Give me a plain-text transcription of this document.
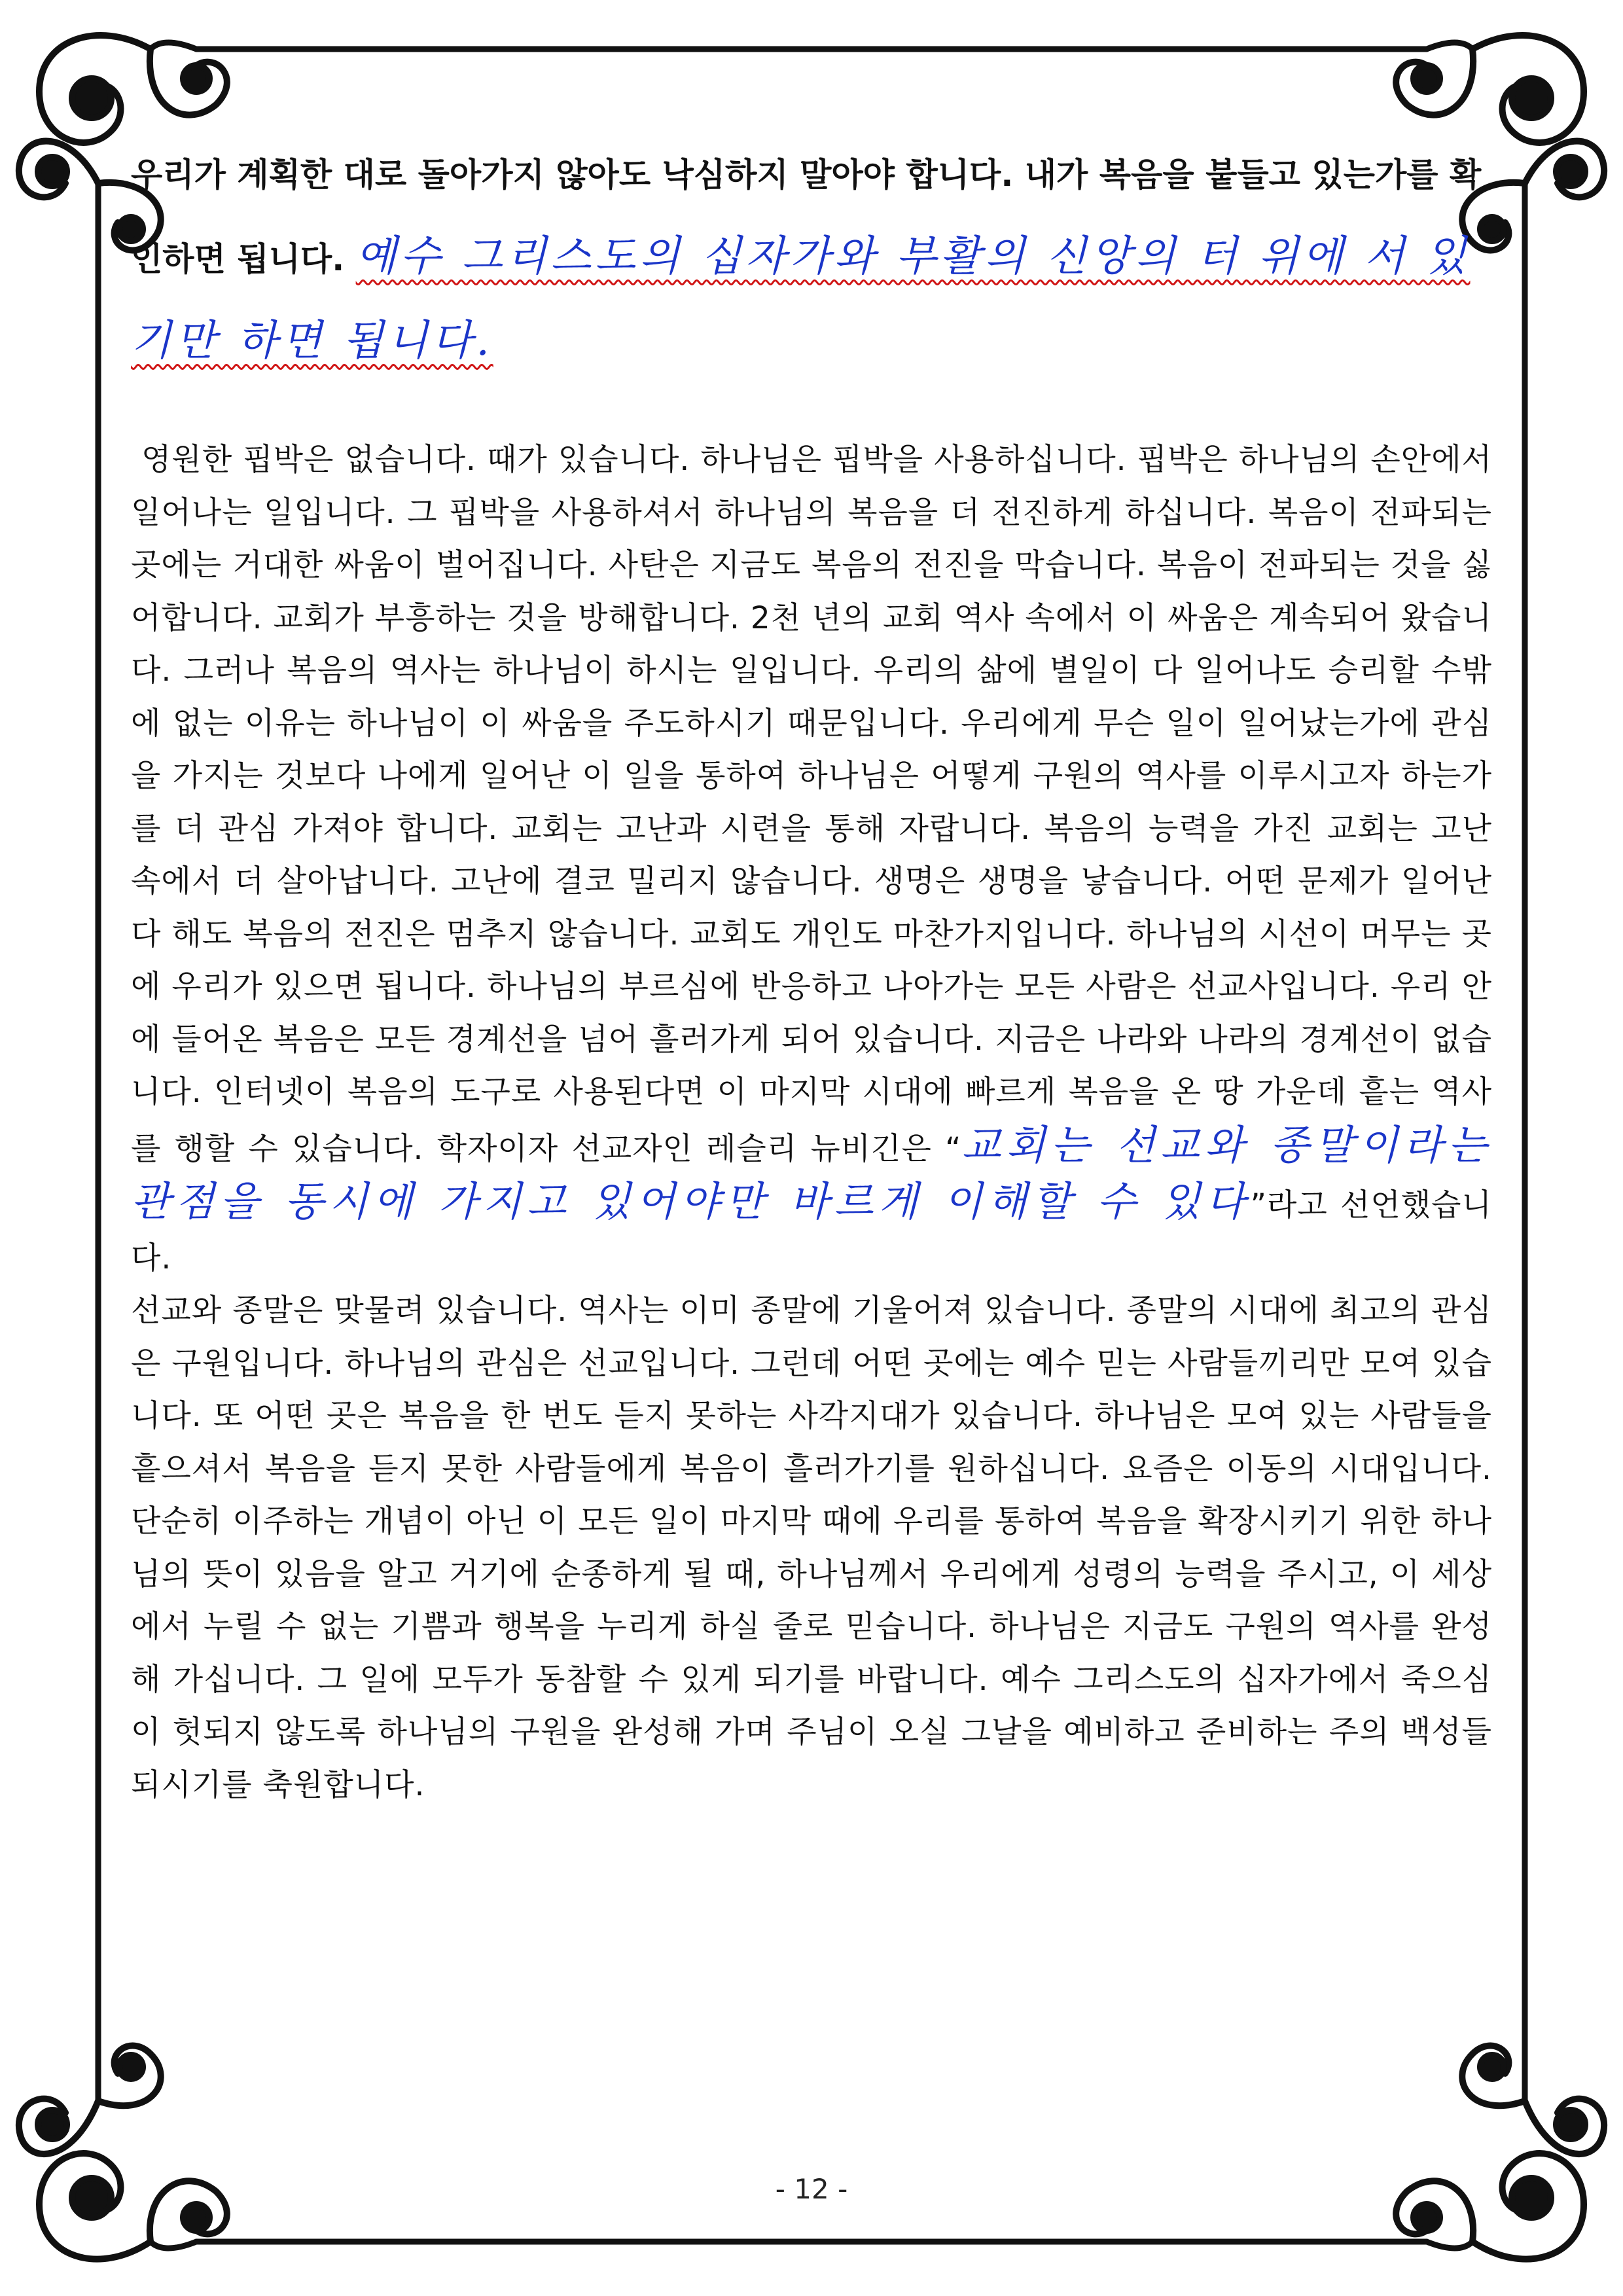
우리가 계획한 대로 돌아가지 않아도 낙심하지 말아야 합니다. 내가 복음을 붙들고 있는가를 확인하면 됩니다. 예수 그리스도의 십자가와 부활의 신앙의 터 위에 서 있기만 하면 됩니다.

영원한 핍박은 없습니다. 때가 있습니다. 하나님은 핍박을 사용하십니다. 핍박은 하나님의 손안에서 일어나는 일입니다. 그 핍박을 사용하셔서 하나님의 복음을 더 전진하게 하십니다. 복음이 전파되는 곳에는 거대한 싸움이 벌어집니다. 사탄은 지금도 복음의 전진을 막습니다. 복음이 전파되는 것을 싫어합니다. 교회가 부흥하는 것을 방해합니다. 2천 년의 교회 역사 속에서 이 싸움은 계속되어 왔습니다. 그러나 복음의 역사는 하나님이 하시는 일입니다. 우리의 삶에 별일이 다 일어나도 승리할 수밖에 없는 이유는 하나님이 이 싸움을 주도하시기 때문입니다. 우리에게 무슨 일이 일어났는가에 관심을 가지는 것보다 나에게 일어난 이 일을 통하여 하나님은 어떻게 구원의 역사를 이루시고자 하는가를 더 관심 가져야 합니다. 교회는 고난과 시련을 통해 자랍니다. 복음의 능력을 가진 교회는 고난 속에서 더 살아납니다. 고난에 결코 밀리지 않습니다. 생명은 생명을 낳습니다. 어떤 문제가 일어난다 해도 복음의 전진은 멈추지 않습니다. 교회도 개인도 마찬가지입니다. 하나님의 시선이 머무는 곳에 우리가 있으면 됩니다. 하나님의 부르심에 반응하고 나아가는 모든 사람은 선교사입니다. 우리 안에 들어온 복음은 모든 경계선을 넘어 흘러가게 되어 있습니다. 지금은 나라와 나라의 경계선이 없습니다. 인터넷이 복음의 도구로 사용된다면 이 마지막 시대에 빠르게 복음을 온 땅 가운데 흩는 역사를 행할 수 있습니다. 학자이자 선교자인 레슬리 뉴비긴은 “교회는 선교와 종말이라는 관점을 동시에 가지고 있어야만 바르게 이해할 수 있다”라고 선언했습니다.

선교와 종말은 맞물려 있습니다. 역사는 이미 종말에 기울어져 있습니다. 종말의 시대에 최고의 관심은 구원입니다. 하나님의 관심은 선교입니다. 그런데 어떤 곳에는 예수 믿는 사람들끼리만 모여 있습니다. 또 어떤 곳은 복음을 한 번도 듣지 못하는 사각지대가 있습니다. 하나님은 모여 있는 사람들을 흩으셔서 복음을 듣지 못한 사람들에게 복음이 흘러가기를 원하십니다. 요즘은 이동의 시대입니다. 단순히 이주하는 개념이 아닌 이 모든 일이 마지막 때에 우리를 통하여 복음을 확장시키기 위한 하나님의 뜻이 있음을 알고 거기에 순종하게 될 때, 하나님께서 우리에게 성령의 능력을 주시고, 이 세상에서 누릴 수 없는 기쁨과 행복을 누리게 하실 줄로 믿습니다. 하나님은 지금도 구원의 역사를 완성해 가십니다. 그 일에 모두가 동참할 수 있게 되기를 바랍니다. 예수 그리스도의 십자가에서 죽으심이 헛되지 않도록 하나님의 구원을 완성해 가며 주님이 오실 그날을 예비하고 준비하는 주의 백성들 되시기를 축원합니다.

- 12 -
